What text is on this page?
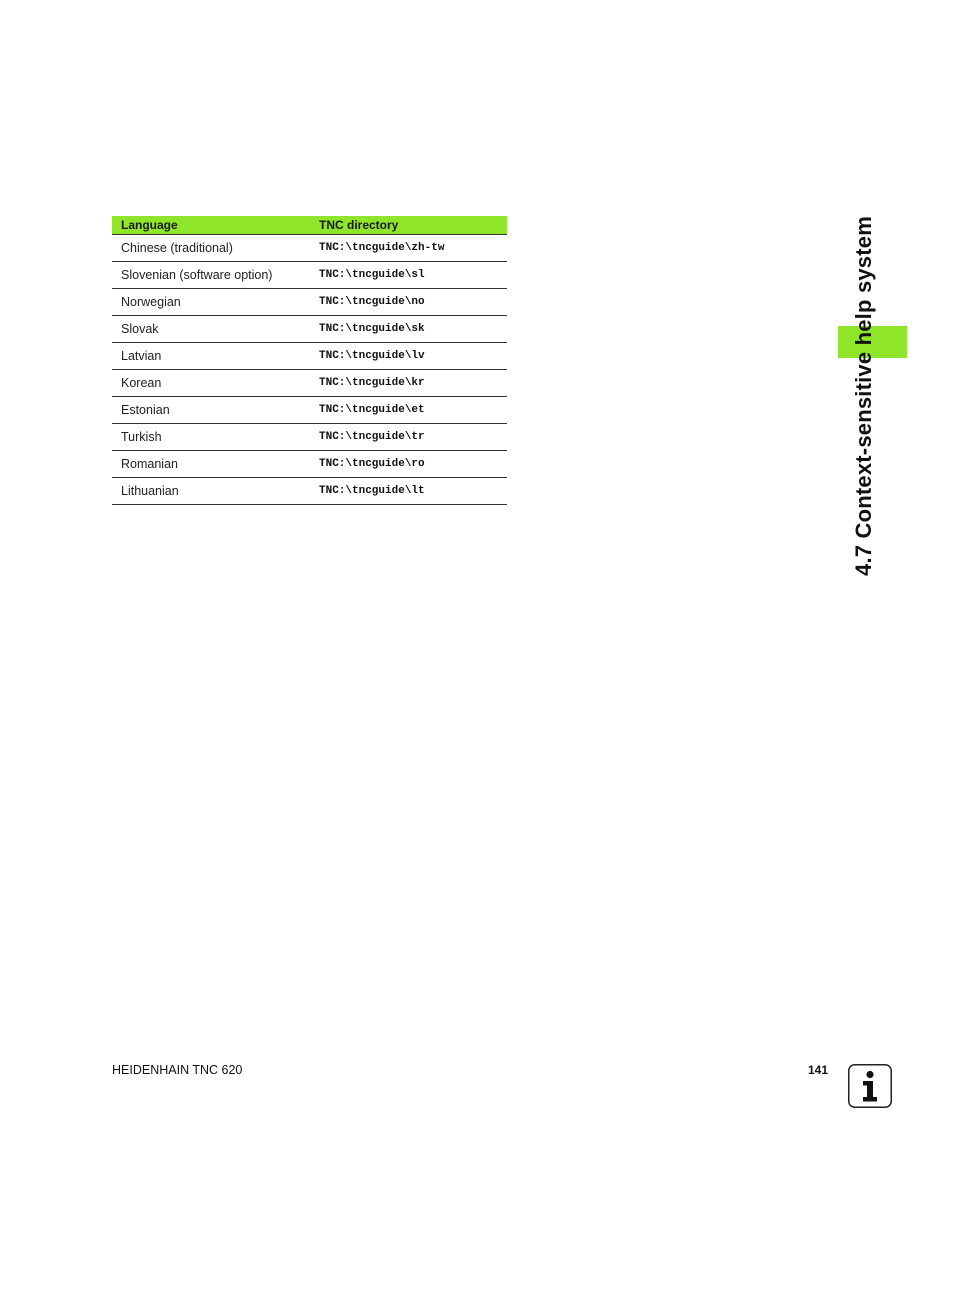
Language	TNC directory
Chinese (traditional)	TNC:\tncguide\zh-tw
Slovenian (software option)	TNC:\tncguide\sl
Norwegian	TNC:\tncguide\no
Slovak	TNC:\tncguide\sk
Latvian	TNC:\tncguide\lv
Korean	TNC:\tncguide\kr
Estonian	TNC:\tncguide\et
Turkish	TNC:\tncguide\tr
Romanian	TNC:\tncguide\ro
Lithuanian	TNC:\tncguide\lt	4.7 Context-sensitive help system
HEIDENHAIN TNC 620	141
